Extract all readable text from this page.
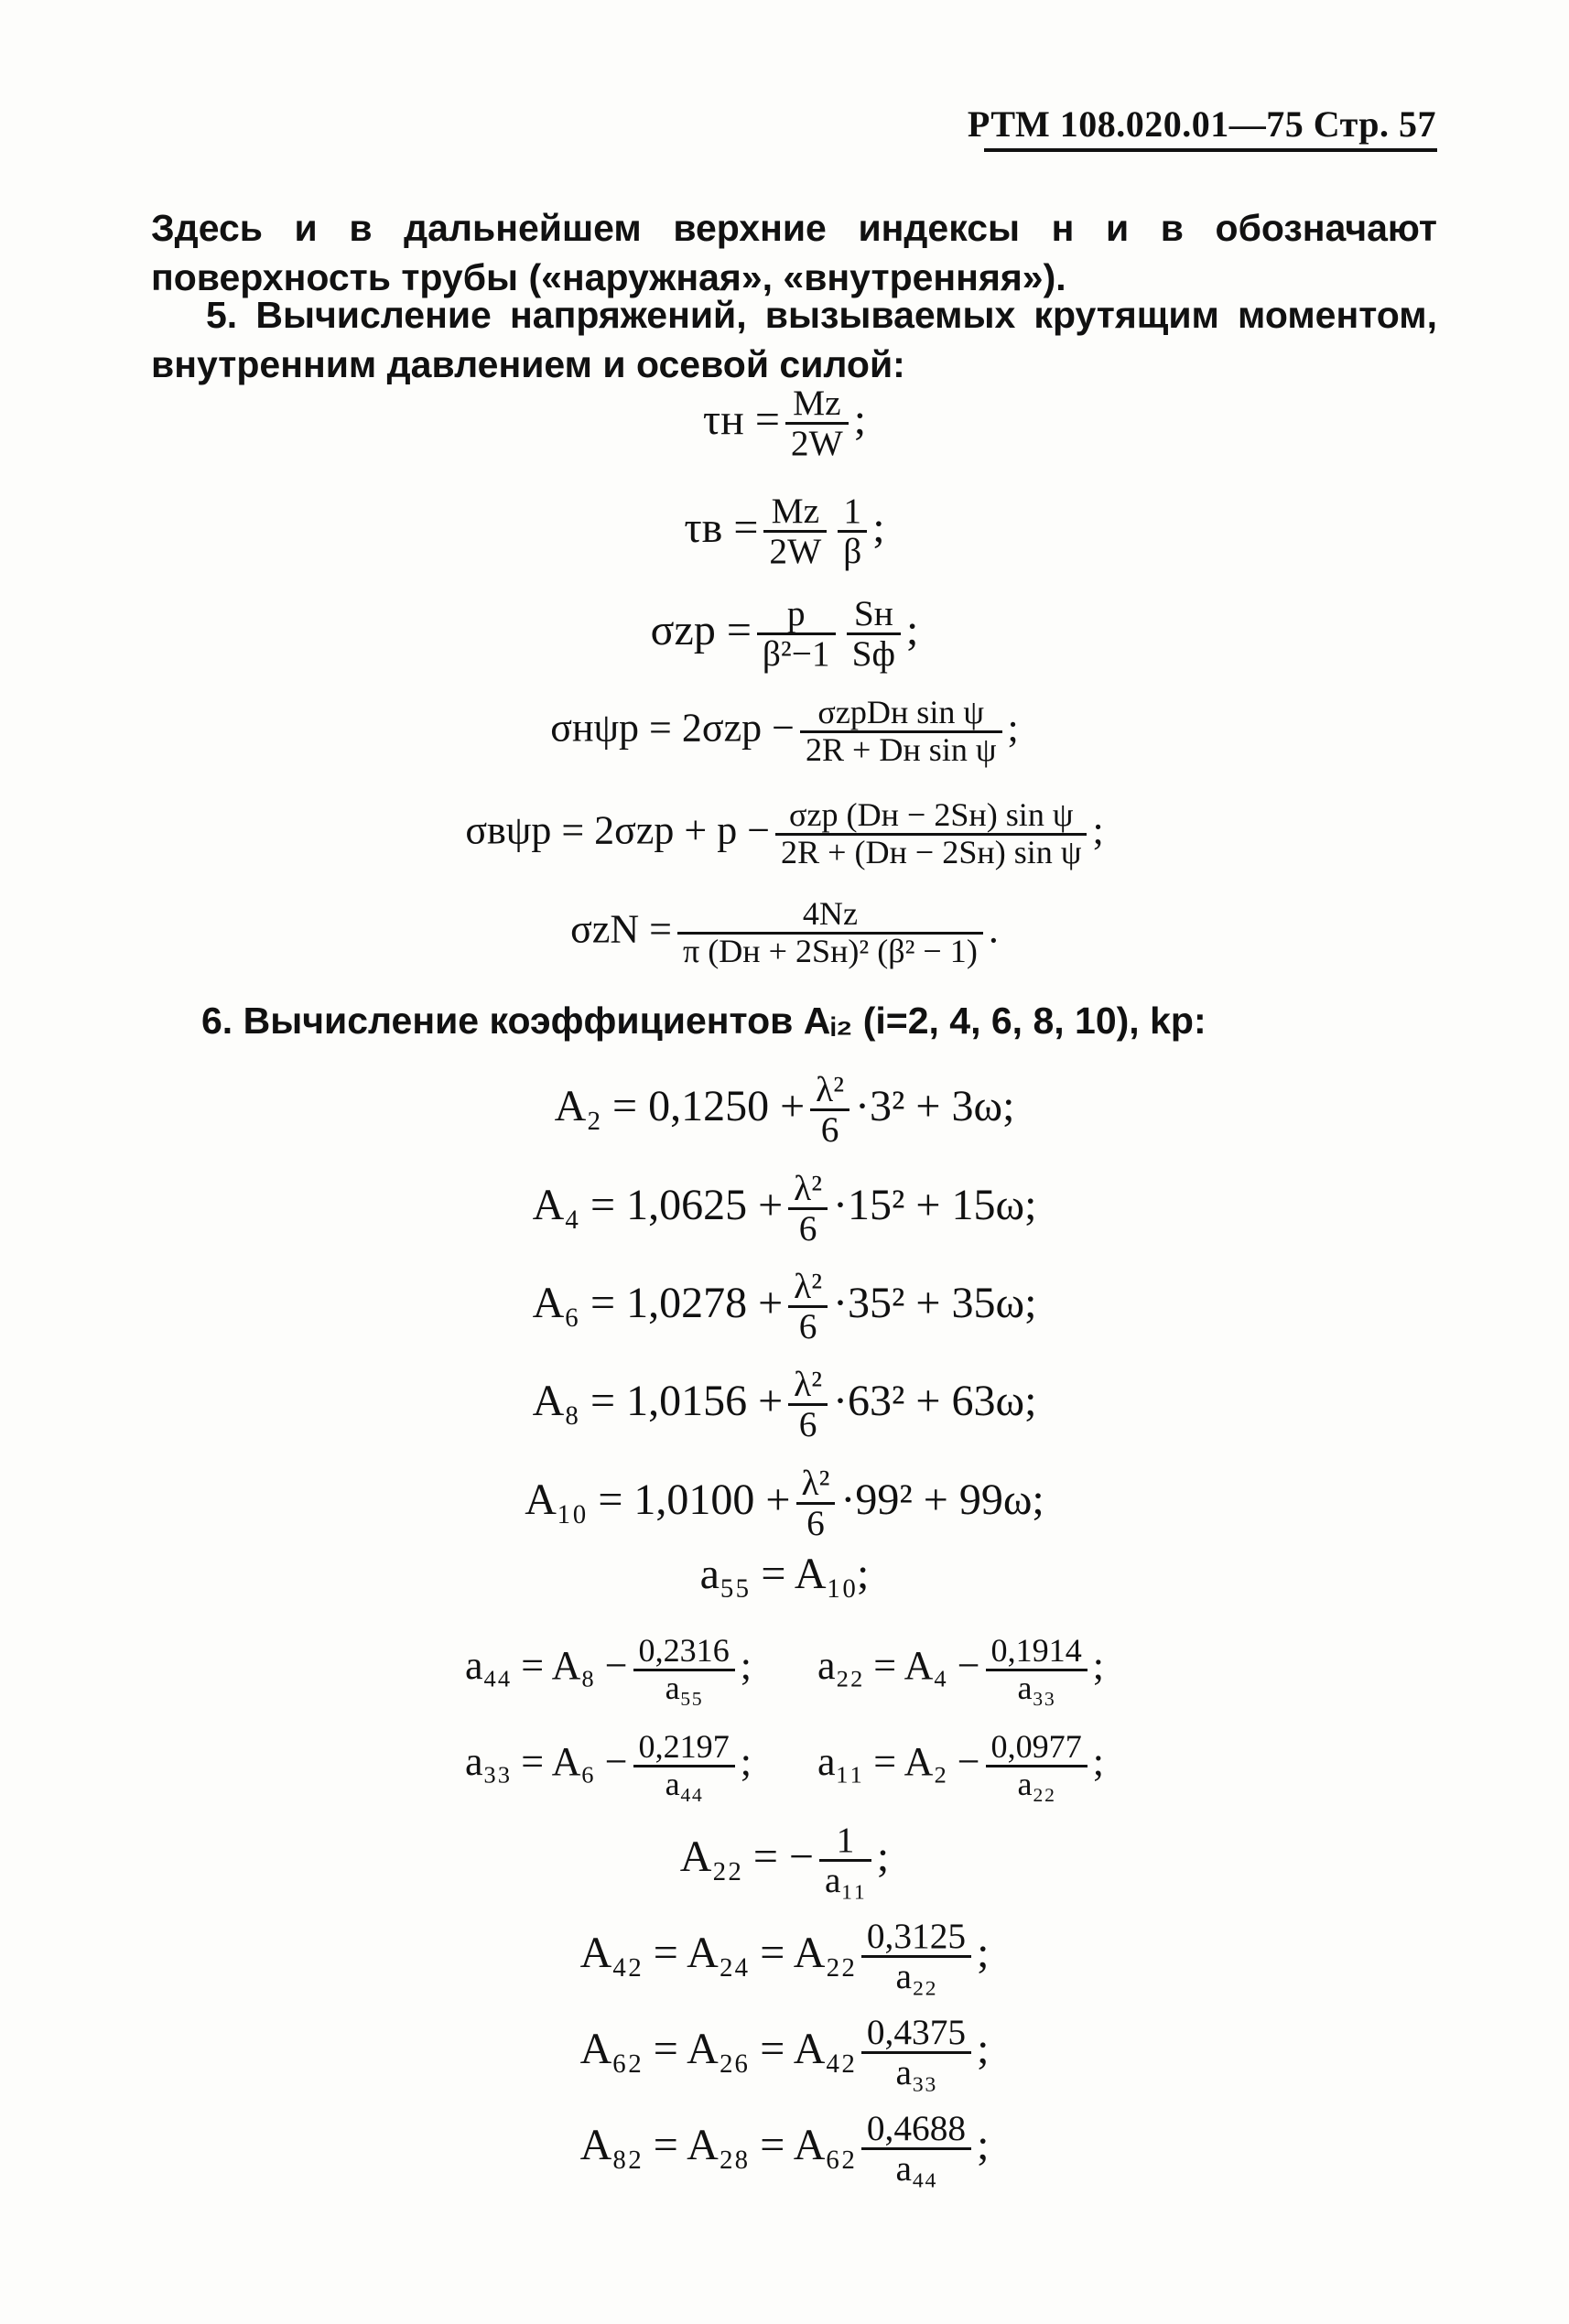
РТМ 108.020.01—75 Стр. 57
Здесь и в дальнейшем верхние индексы н и в обозначают поверхность трубы («наружная», «внутренняя»).
5. Вычисление напряжений, вызываемых крутящим моментом, внутренним давлением и осевой силой:
$\tau н = \frac{Mz}{2W}$ ;
$\tau в = \frac{Mz}{2W} \frac{1}{\beta}$ ;
$\sigma zp = \frac{p}{\text{β²−1}} \frac{Sн}{Sф}$ ;
$\sigma н\psi p = 2\sigma zp - \frac{\text{σzpDн sin ψ}}{\text{2R + Dн sin ψ}}$ ;
$\sigma в\psi p = 2\sigma zp + p - \frac{\text{σzp (Dн − 2Sн) sin ψ}}{\text{2R + (Dн − 2Sн) sin ψ}}$ ;
$\sigma zN = \frac{4Nz}{\text{π (Dн + 2Sн)² (β² − 1)}}$ .
6. Вычисление коэффициентов Aᵢ₂ (i=2, 4, 6, 8, 10), kр:
$A_2 = 0,1250 + \frac{\text{λ²}}{6} \cdot 3^2 + 3\omega$;
$A_4 = 1,0625 + \frac{\text{λ²}}{6} \cdot 15^2 + 15\omega$;
$A_6 = 1,0278 + \frac{\text{λ²}}{6} \cdot 35^2 + 35\omega$;
$A_8 = 1,0156 + \frac{\text{λ²}}{6} \cdot 63^2 + 63\omega$;
$A_{10} = 1,0100 + \frac{\text{λ²}}{6} \cdot 99^2 + 99\omega$;
a₅₅ = A₁₀;
$a_{44} = A_8 - \frac{0,2316}{\text{a₅₅}}$ ; $a_{22} = A_4 - \frac{0,1914}{\text{a₃₃}}$ ;
$a_{33} = A_6 - \frac{0,2197}{\text{a₄₄}}$ ; $a_{11} = A_2 - \frac{0,0977}{\text{a₂₂}}$ ;
A₂₂ = − $\frac{1}{\text{a₁₁}}$ ;
$A_{42} = A_{24} = A_{22} \frac{0,3125}{\text{a₂₂}}$ ;
$A_{62} = A_{26} = A_{42} \frac{0,4375}{\text{a₃₃}}$ ;
$A_{82} = A_{28} = A_{62} \frac{0,4688}{\text{a₄₄}}$ ;
